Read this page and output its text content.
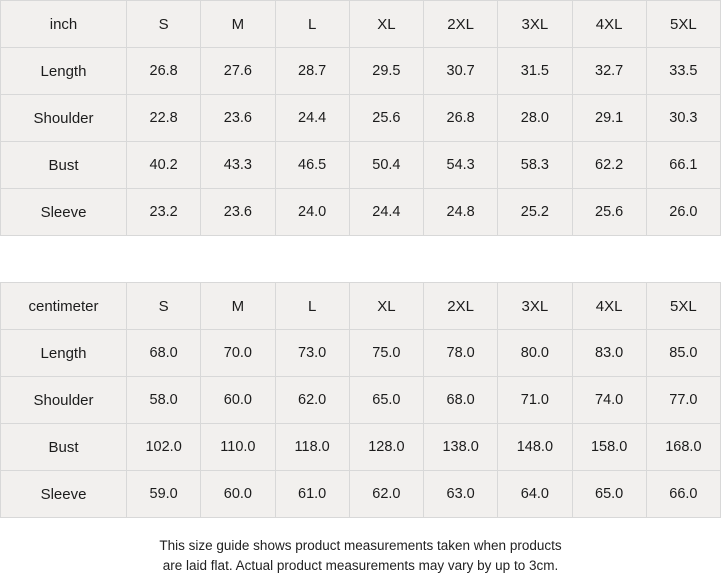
inch	S	M	L	XL	2XL	3XL	4XL	5XL
Length	26.8	27.6	28.7	29.5	30.7	31.5	32.7	33.5
Shoulder	22.8	23.6	24.4	25.6	26.8	28.0	29.1	30.3
Bust	40.2	43.3	46.5	50.4	54.3	58.3	62.2	66.1
Sleeve	23.2	23.6	24.0	24.4	24.8	25.2	25.6	26.0
centimeter	S	M	L	XL	2XL	3XL	4XL	5XL
Length	68.0	70.0	73.0	75.0	78.0	80.0	83.0	85.0
Shoulder	58.0	60.0	62.0	65.0	68.0	71.0	74.0	77.0
Bust	102.0	110.0	118.0	128.0	138.0	148.0	158.0	168.0
Sleeve	59.0	60.0	61.0	62.0	63.0	64.0	65.0	66.0
This size guide shows product measurements taken when products
are laid flat. Actual product measurements may vary by up to 3cm.
